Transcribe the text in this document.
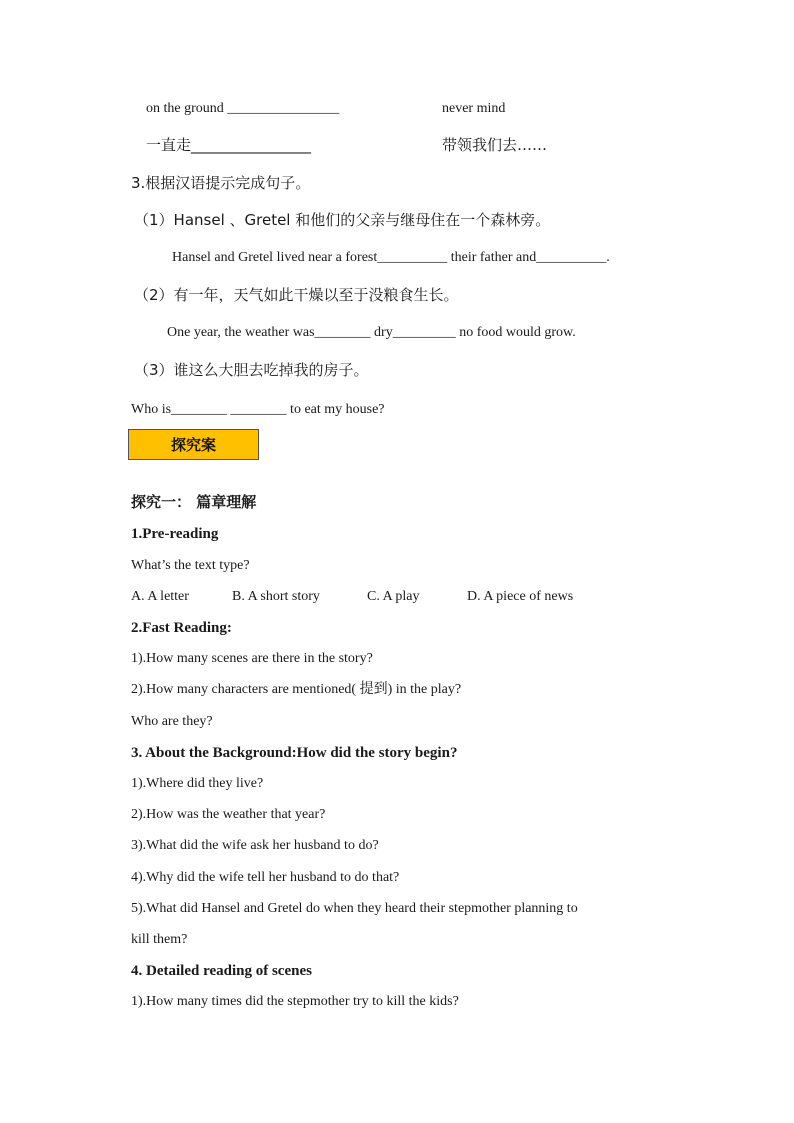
on the ground ________________	never mind
一直走________________	带领我们去……
3.根据汉语提示完成句子。
（1）Hansel 、Gretel 和他们的父亲与继母住在一个森林旁。
Hansel and Gretel lived near a forest__________ their father and__________.
（2）有一年，天气如此干燥以至于没粮食生长。
One year, the weather was________ dry_________ no food would grow.
（3）谁这么大胆去吃掉我的房子。
Who is________ ________ to eat my house?
探究案
探究一： 篇章理解
1.Pre-reading
What’s the text type?
A. A letter	B. A short story	C. A play	D. A piece of news
2.Fast Reading:
1).How many scenes are there in the story?
2).How many characters are mentioned( 提到) in the play?
Who are they?
3. About the Background:How did the story begin?
1).Where did they live?
2).How was the weather that year?
3).What did the wife ask her husband to do?
4).Why did the wife tell her husband to do that?
5).What did Hansel and Gretel do when they heard their stepmother planning to
kill them?
4. Detailed reading of scenes
1).How many times did the stepmother try to kill the kids?
